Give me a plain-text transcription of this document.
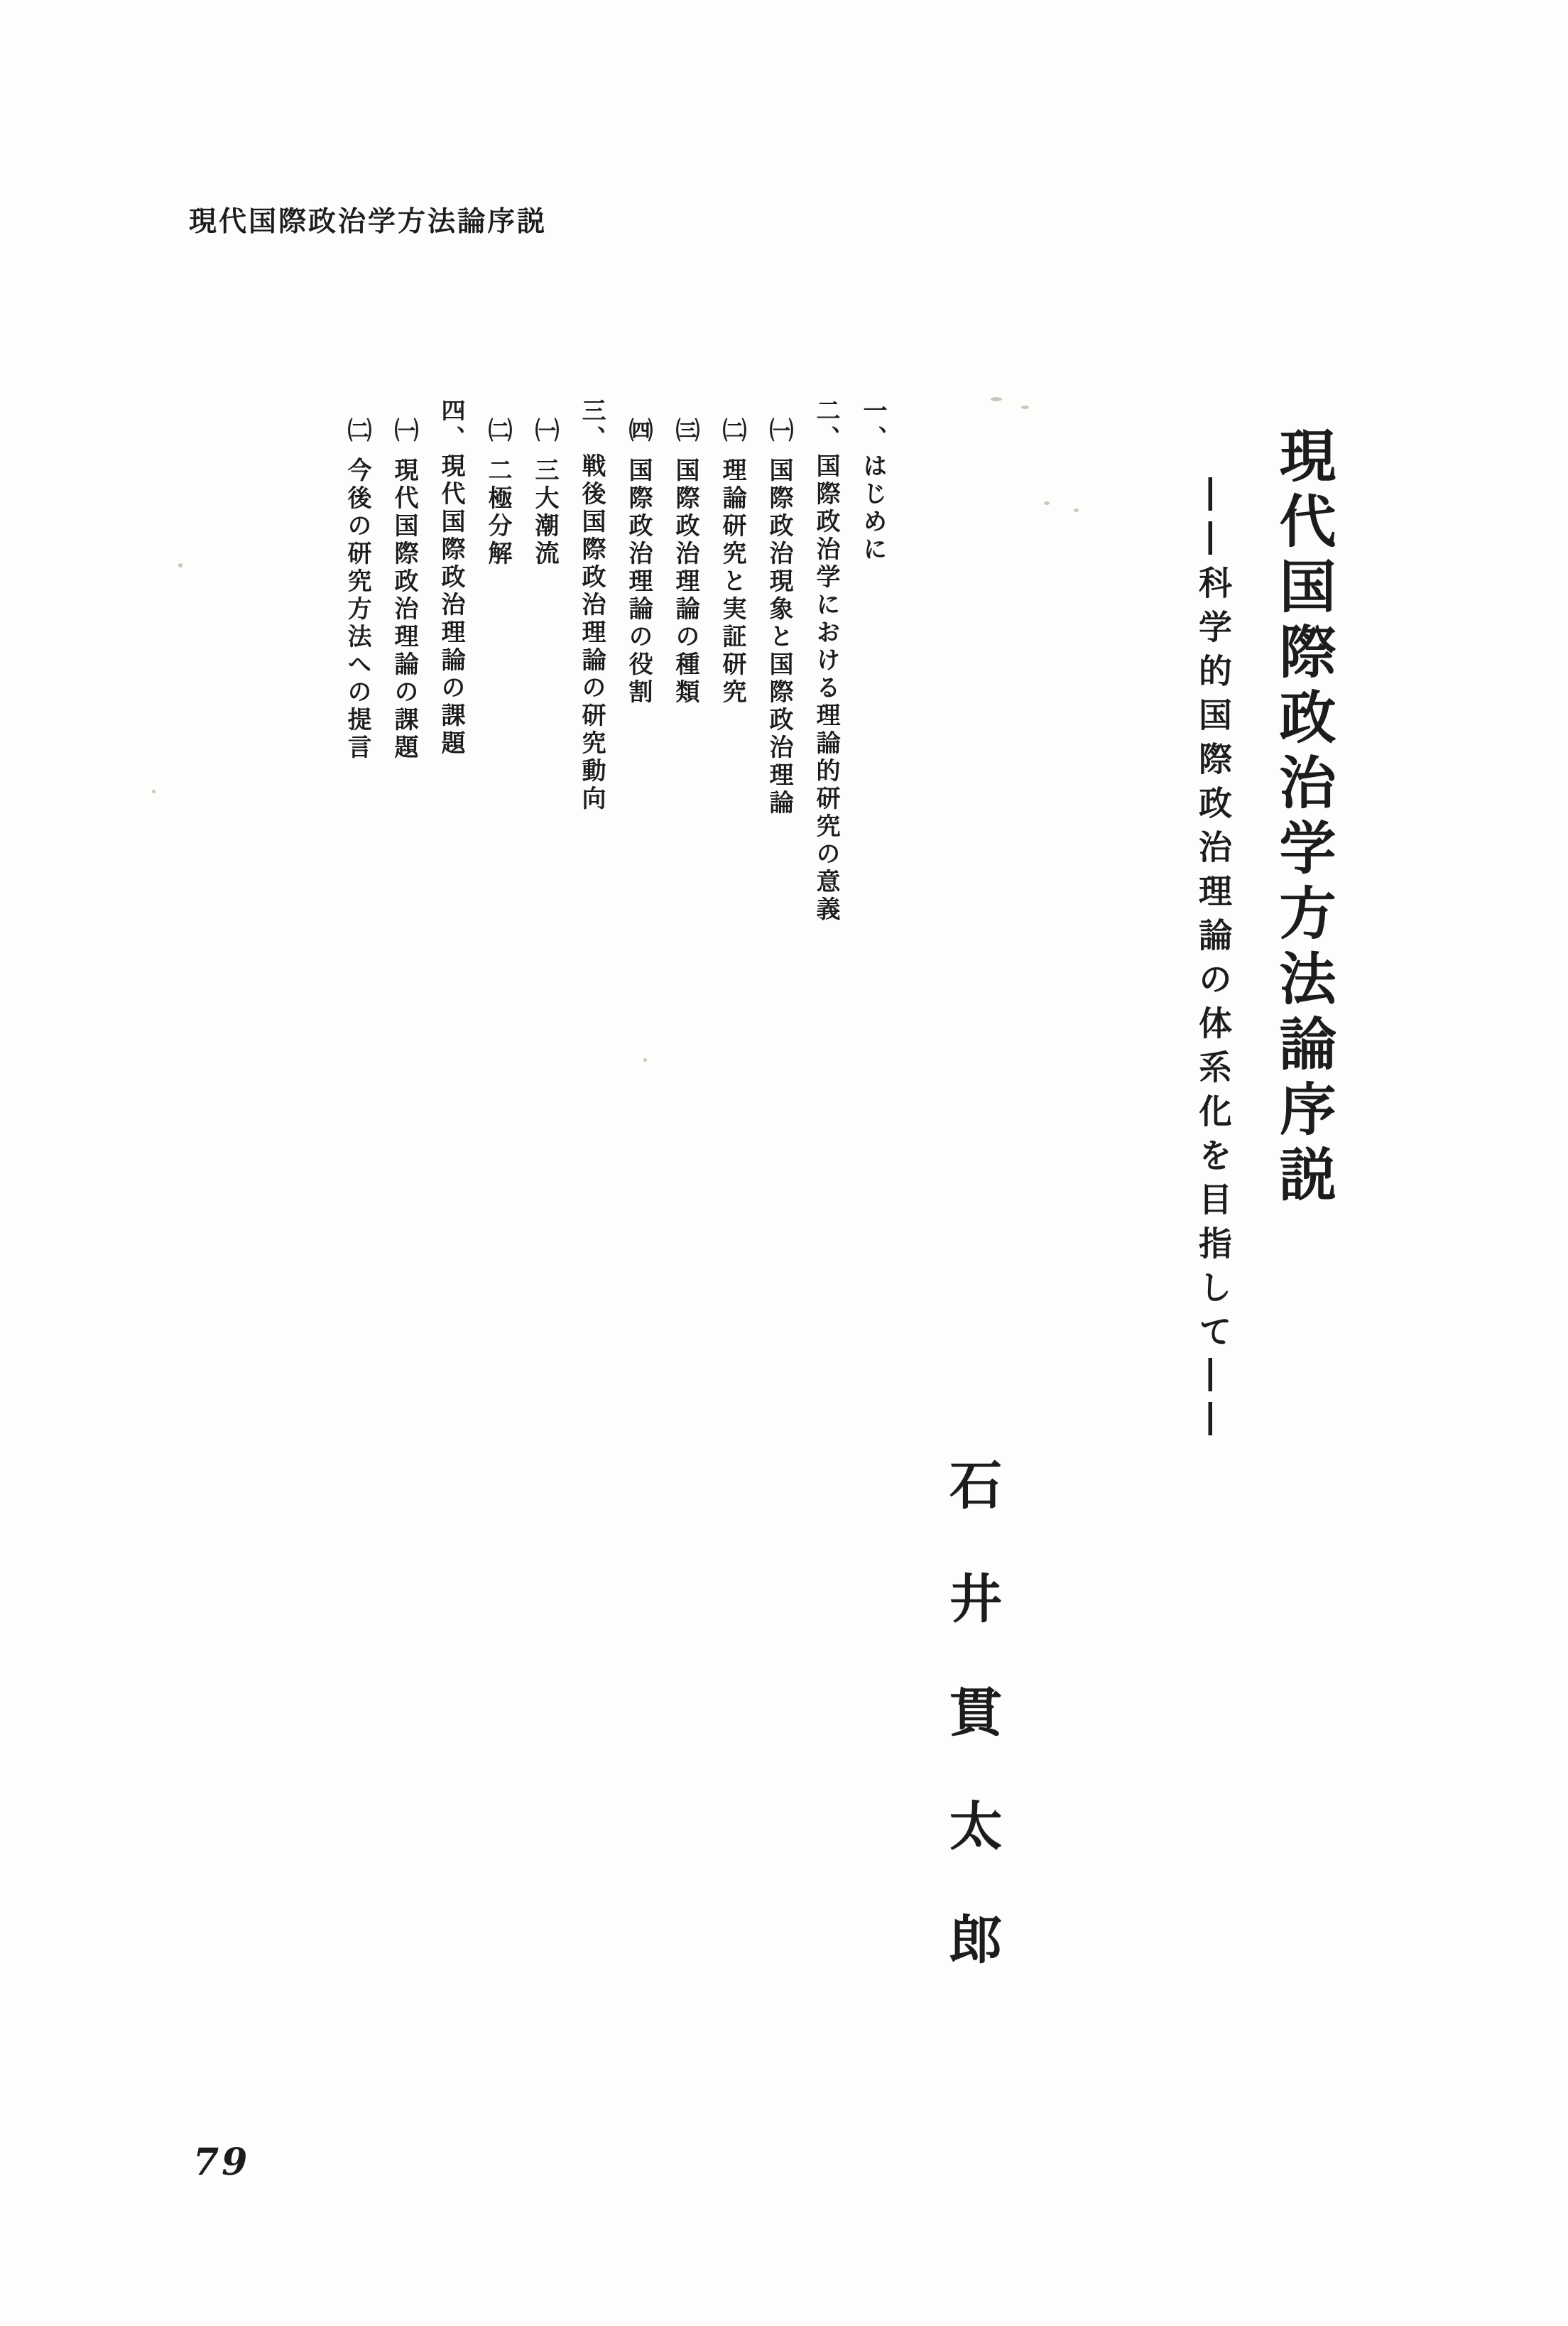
現代国際政治学方法論序説
現代国際政治学方法論序説
――科学的国際政治理論の体系化を目指して――
石井貫太郎
一、はじめに
二、国際政治学における理論的研究の意義
㈠ 国際政治現象と国際政治理論
㈡ 理論研究と実証研究
㈢ 国際政治理論の種類
㈣ 国際政治理論の役割
三、戦後国際政治理論の研究動向
㈠ 三大潮流
㈡ 二極分解
四、現代国際政治理論の課題
㈠ 現代国際政治理論の課題
㈡ 今後の研究方法への提言
79
